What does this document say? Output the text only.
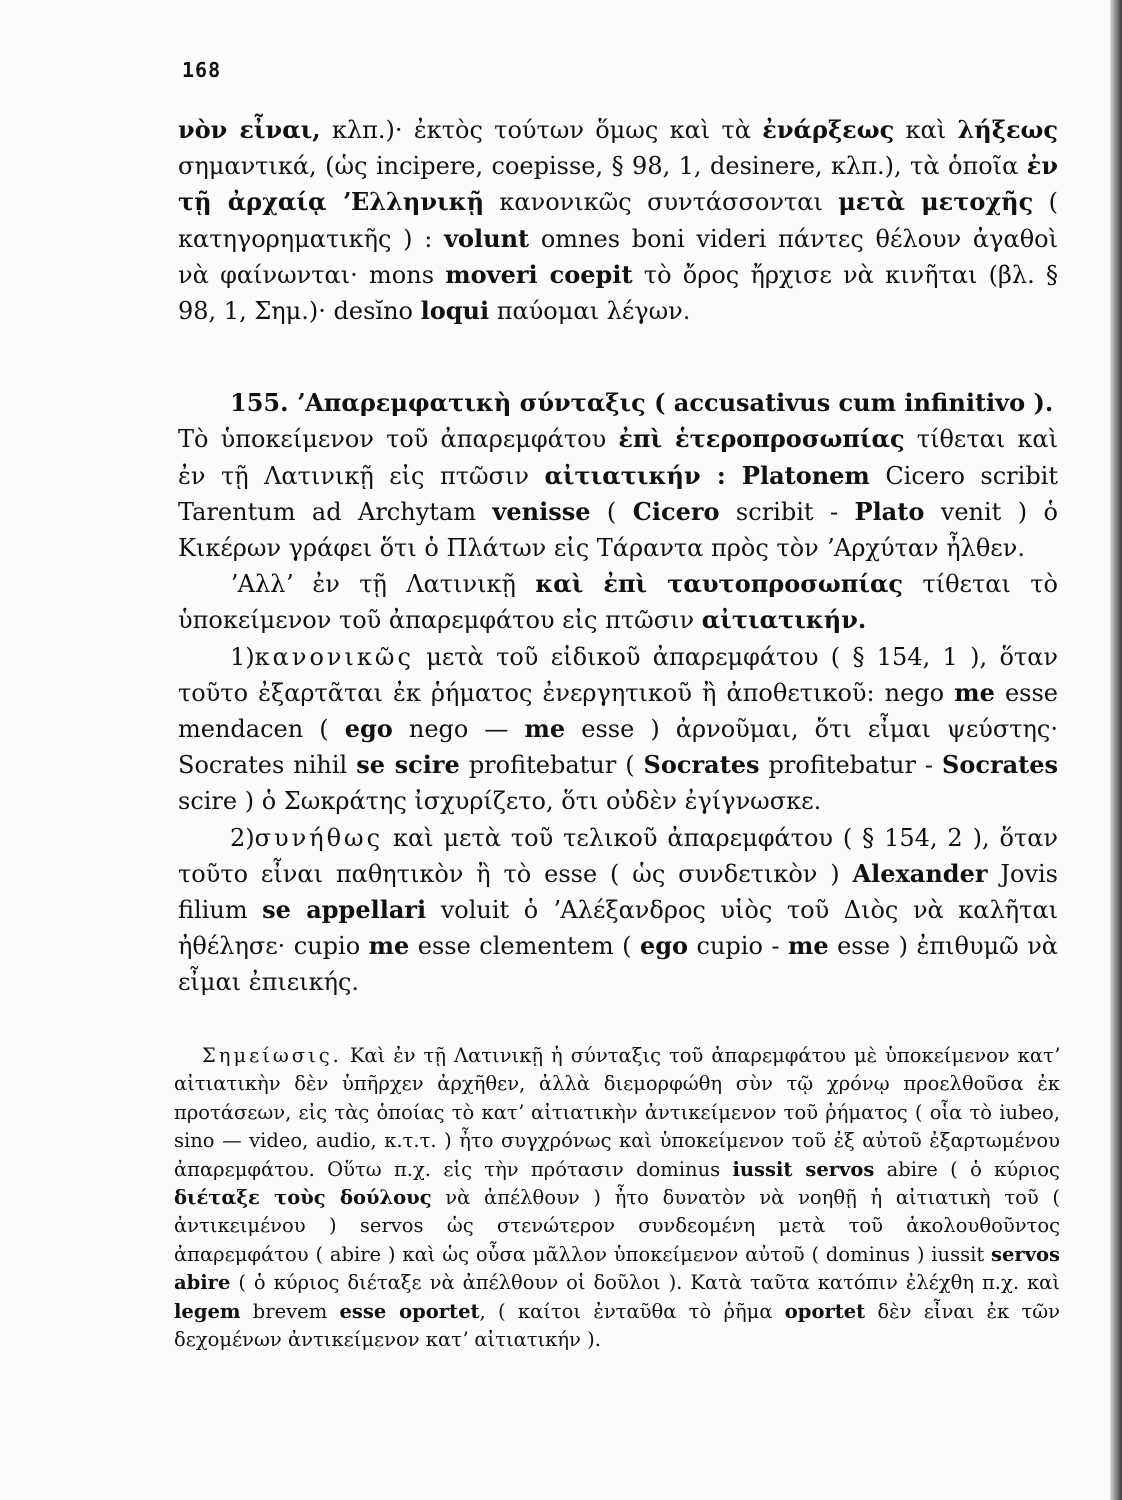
168

νὸν εἶναι, κλπ.)· ἐκτὸς τούτων ὅμως καὶ τὰ ἐνάρξεως καὶ λήξεως σημαντικά, (ὡς incipere, coepisse, § 98, 1, desinere, κλπ.), τὰ ὁποῖα ἐν τῇ ἀρχαίᾳ ʼΕλληνικῇ κανονικῶς συντάσσονται μετὰ μετοχῆς ( κατηγορηματικῆς ) : volunt omnes boni videri πάντες θέλουν ἀγαθοὶ νὰ φαίνωνται· mons moveri coepit τὸ ὄρος ἤρχισε νὰ κινῆται (βλ. § 98, 1, Σημ.)· desĭno loqui παύομαι λέγων.

155. ʼΑπαρεμφατικὴ σύνταξις ( accusativus cum infinitivo ).

Τὸ ὑποκείμενον τοῦ ἀπαρεμφάτου ἐπὶ ἑτεροπροσωπίας τίθεται καὶ ἐν τῇ Λατινικῇ εἰς πτῶσιν αἰτιατικήν : Platonem Cicero scribit Tarentum ad Archytam venisse ( Cicero scribit - Plato venit ) ὁ Κικέρων γράφει ὅτι ὁ Πλάτων εἰς Τάραντα πρὸς τὸν ʼΑρχύταν ἦλθεν.

ʼΑλλʼ ἐν τῇ Λατινικῇ καὶ ἐπὶ ταυτοπροσωπίας τίθεται τὸ ὑποκείμενον τοῦ ἀπαρεμφάτου εἰς πτῶσιν αἰτιατικήν.

1)κανονικῶς μετὰ τοῦ εἰδικοῦ ἀπαρεμφάτου ( § 154, 1 ), ὅταν τοῦτο ἐξαρτᾶται ἐκ ῥήματος ἐνεργητικοῦ ἢ ἀποθετικοῦ: nego me esse mendacen ( ego nego — me esse ) ἀρνοῦμαι, ὅτι εἶμαι ψεύστης· Socrates nihil se scire profitebatur ( Socrates profitebatur - Socrates scire ) ὁ Σωκράτης ἰσχυρίζετο, ὅτι οὐδὲν ἐγίγνωσκε.

2)συνήθως καὶ μετὰ τοῦ τελικοῦ ἀπαρεμφάτου ( § 154, 2 ), ὅταν τοῦτο εἶναι παθητικὸν ἢ τὸ esse ( ὡς συνδετικὸν ) Alexander Jovis filium se appellari voluit ὁ ʼΑλέξανδρος υἱὸς τοῦ Διὸς νὰ καλῆται ἠθέλησε· cupio me esse clementem ( ego cupio - me esse ) ἐπιθυμῶ νὰ εἶμαι ἐπιεικής.

Σημείωσις. Καὶ ἐν τῇ Λατινικῇ ἡ σύνταξις τοῦ ἀπαρεμφάτου μὲ ὑποκείμενον κατʼ αἰτιατικὴν δὲν ὑπῆρχεν ἀρχῆθεν, ἀλλὰ διεμορφώθη σὺν τῷ χρόνῳ προελθοῦσα ἐκ προτάσεων, εἰς τὰς ὁποίας τὸ κατʼ αἰτιατικὴν ἀντικείμενον τοῦ ῥήματος ( οἷα τὸ iubeo, sino — video, audio, κ.τ.τ. ) ἦτο συγχρόνως καὶ ὑποκείμενον τοῦ ἐξ αὐτοῦ ἐξαρτωμένου ἀπαρεμφάτου. Οὕτω π.χ. εἰς τὴν πρότασιν dominus iussit servos abire ( ὁ κύριος διέταξε τοὺς δούλους νὰ ἀπέλθουν ) ἦτο δυνατὸν νὰ νοηθῇ ἡ αἰτιατικὴ τοῦ ( ἀντικειμένου ) servos ὡς στενώτερον συνδεομένη μετὰ τοῦ ἀκολουθοῦντος ἀπαρεμφάτου ( abire ) καὶ ὡς οὖσα μᾶλλον ὑποκείμενον αὐτοῦ ( dominus ) iussit servos abire ( ὁ κύριος διέταξε νὰ ἀπέλθουν οἱ δοῦλοι ). Κατὰ ταῦτα κατόπιν ἐλέχθη π.χ. καὶ legem brevem esse oportet, ( καίτοι ἐνταῦθα τὸ ῥῆμα oportet δὲν εἶναι ἐκ τῶν δεχομένων ἀντικείμενον κατʼ αἰτιατικήν ).
